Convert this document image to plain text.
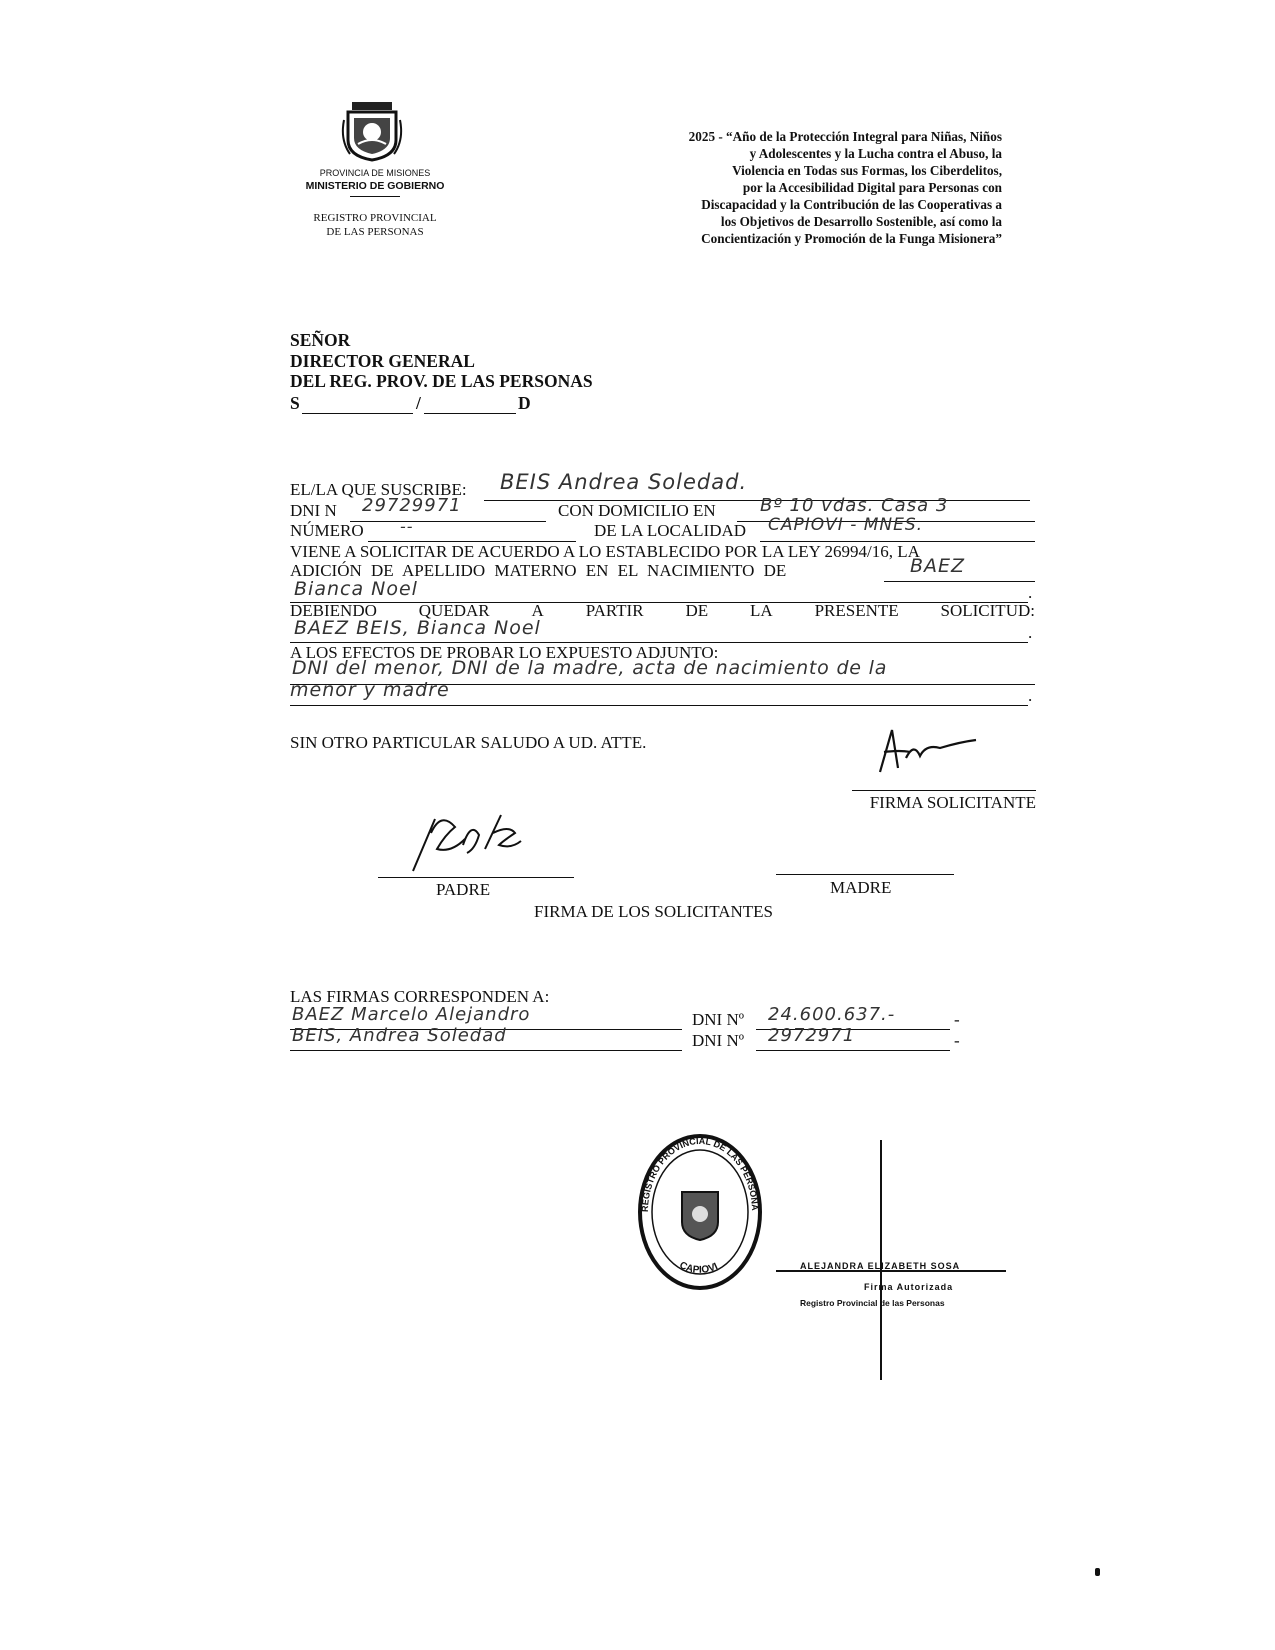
PROVINCIA DE MISIONES
MINISTERIO DE GOBIERNO
REGISTRO PROVINCIAL
DE LAS PERSONAS
2025 - “Año de la Protección Integral para Niñas, Niños
y Adolescentes y la Lucha contra el Abuso, la
Violencia en Todas sus Formas, los Ciberdelitos,
por la Accesibilidad Digital para Personas con
Discapacidad y la Contribución de las Cooperativas a
los Objetivos de Desarrollo Sostenible, así como la
Concientización y Promoción de la Funga Misionera”
SEÑOR
DIRECTOR GENERAL
DEL REG. PROV. DE LAS PERSONAS
S	/	D
EL/LA QUE SUSCRIBE: BEIS Andrea Soledad.
DNI N 29729971	CON DOMICILIO EN Bº 10 vdas. Casa 3
NÚMERO --	DE LA LOCALIDAD CAPIOVI - MNES.
VIENE A SOLICITAR DE ACUERDO A LO ESTABLECIDO POR LA LEY 26994/16, LA
ADICIÓN DE APELLIDO MATERNO EN EL NACIMIENTO DE	BAEZ
Bianca Noel	.
DEBIENDO QUEDAR A PARTIR DE LA PRESENTE SOLICITUD:
BAEZ BEIS, Bianca Noel	.
A LOS EFECTOS DE PROBAR LO EXPUESTO ADJUNTO:
DNI del menor, DNI de la madre, acta de nacimiento de la
menor y madre	.
SIN OTRO PARTICULAR SALUDO A UD. ATTE.
FIRMA SOLICITANTE
PADRE	MADRE
FIRMA DE LOS SOLICITANTES
LAS FIRMAS CORRESPONDEN A:
BAEZ Marcelo Alejandro	DNI Nº 24.600.637.-	-
BEIS, Andrea Soledad	DNI Nº 2972971	-
REGISTRO PROVINCIAL DE LAS PERSONA
CAPIOVI	ALEJANDRA ELIZABETH SOSA
Firma Autorizada
Registro Provincial de las Personas
